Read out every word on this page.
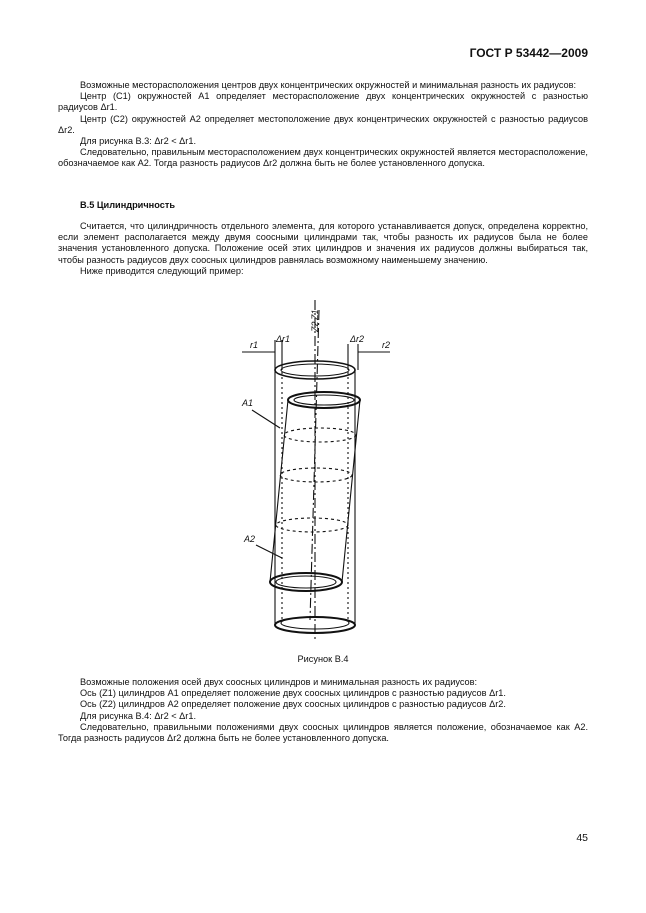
ГОСТ Р 53442—2009

Возможные месторасположения центров двух концентрических окружностей и минимальная разность их радиусов:

Центр (C1) окружностей A1 определяет месторасположение двух концентрических окружностей с разностью радиусов Δr1.

Центр (C2) окружностей A2 определяет местоположение двух концентрических окружностей с разностью радиусов Δr2.

Для рисунка В.3: Δr2 < Δr1.

Следовательно, правильным месторасположением двух концентрических окружностей является месторасположение, обозначаемое как A2. Тогда разность радиусов Δr2 должна быть не более установленного допуска.

В.5 Цилиндричность

Считается, что цилиндричность отдельного элемента, для которого устанавливается допуск, определена корректно, если элемент располагается между двумя соосными цилиндрами так, чтобы разность их радиусов была не более значения установленного допуска. Положение осей этих цилиндров и значения их радиусов должны выбираться так, чтобы разность радиусов двух соосных цилиндров равнялась возможному наименьшему значению.

Ниже приводится следующий пример:

r1
Δr1	Δr2
r2
Z1
Z2
A1
A2
Рисунок В.4

Возможные положения осей двух соосных цилиндров и минимальная разность их радиусов:

Ось (Z1) цилиндров A1 определяет положение двух соосных цилиндров с разностью радиусов Δr1.

Ось (Z2) цилиндров A2 определяет положение двух соосных цилиндров с разностью радиусов Δr2.

Для рисунка В.4: Δr2 < Δr1.

Следовательно, правильными положениями двух соосных цилиндров является положение, обозначаемое как A2. Тогда разность радиусов Δr2 должна быть не более установленного допуска.

45
